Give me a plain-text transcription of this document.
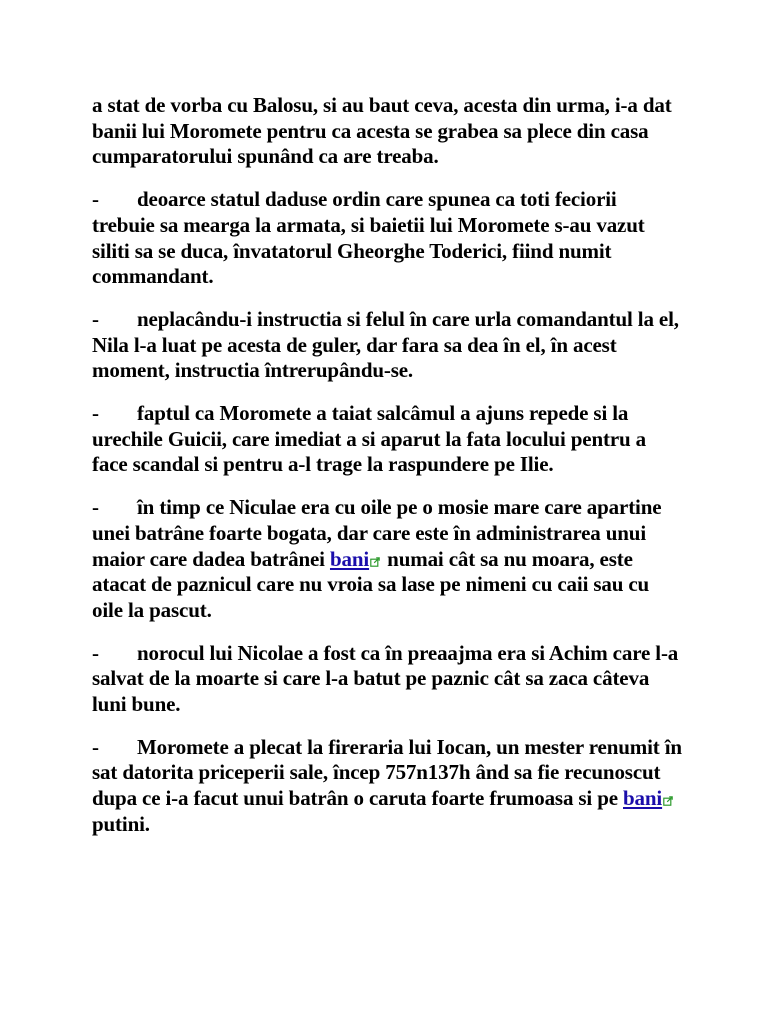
a stat de vorba cu Balosu, si au baut ceva, acesta din urma, i-a dat banii lui Moromete pentru ca acesta se grabea sa plece din casa cumparatorului spunând ca are treaba.

- deoarce statul daduse ordin care spunea ca toti feciorii trebuie sa mearga la armata, si baietii lui Moromete s-au vazut siliti sa se duca, învatatorul Gheorghe Toderici, fiind numit commandant.

- neplacându-i instructia si felul în care urla comandantul la el, Nila l-a luat pe acesta de guler, dar fara sa dea în el, în acest moment, instructia întrerupându-se.

- faptul ca Moromete a taiat salcâmul a ajuns repede si la urechile Guicii, care imediat a si aparut la fata locului pentru a face scandal si pentru a-l trage la raspundere pe Ilie.

- în timp ce Niculae era cu oile pe o mosie mare care apartine unei batrâne foarte bogata, dar care este în administrarea unui maior care dadea batrânei bani numai cât sa nu moara, este atacat de paznicul care nu vroia sa lase pe nimeni cu caii sau cu oile la pascut.

- norocul lui Nicolae a fost ca în preaajma era si Achim care l-a salvat de la moarte si care l-a batut pe paznic cât sa zaca câteva luni bune.

- Moromete a plecat la fireraria lui Iocan, un mester renumit în sat datorita priceperii sale, încep 757n137h ând sa fie recunoscut dupa ce i-a facut unui batrân o caruta foarte frumoasa si pe bani putini.
